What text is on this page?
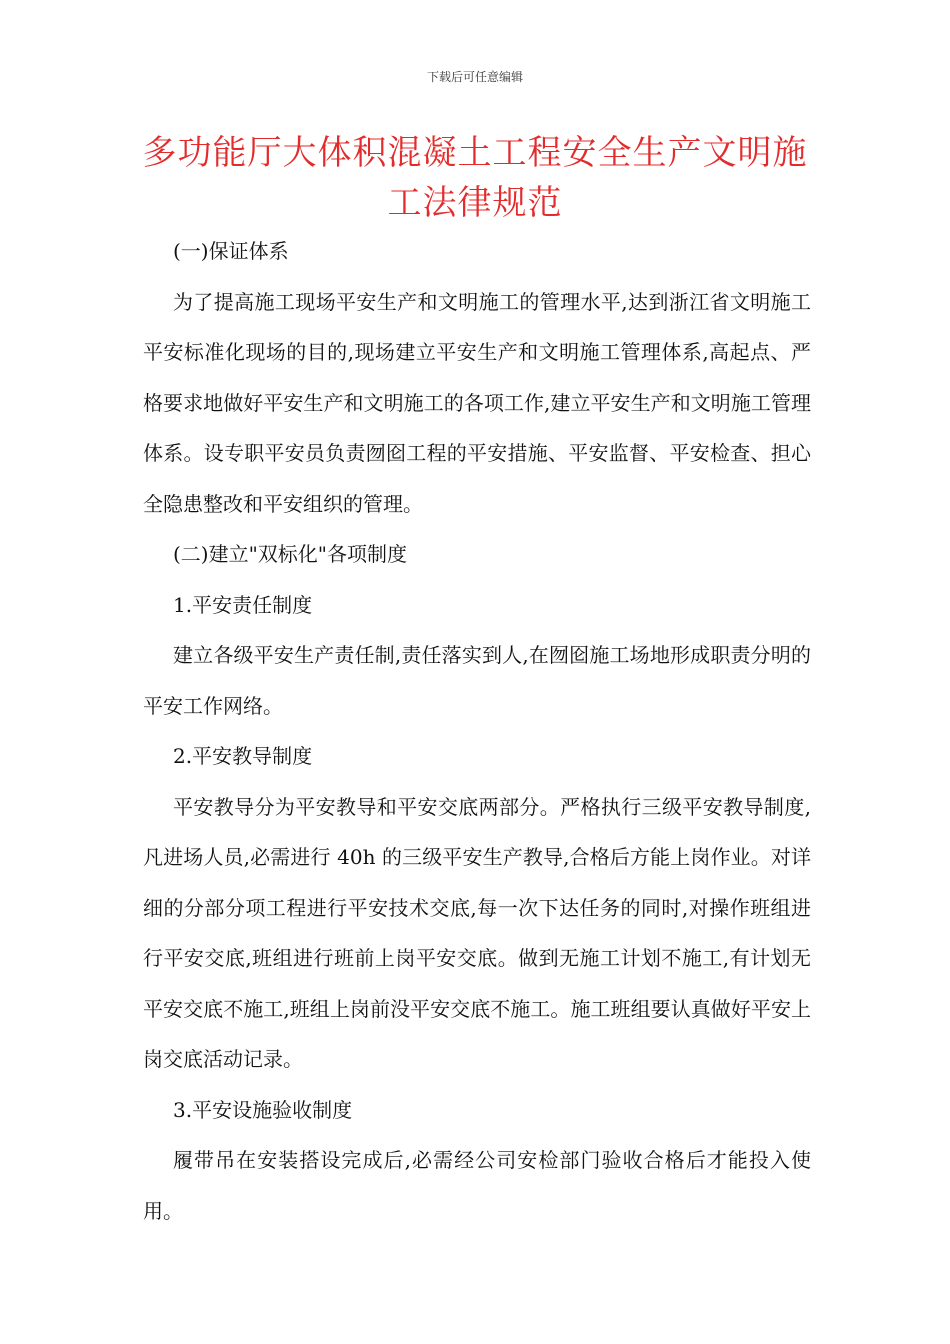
下载后可任意编辑
多功能厅大体积混凝土工程安全生产文明施工法律规范

(一)保证体系

为了提高施工现场平安生产和文明施工的管理水平,达到浙江省文明施工平安标准化现场的目的,现场建立平安生产和文明施工管理体系,高起点、严格要求地做好平安生产和文明施工的各项工作,建立平安生产和文明施工管理体系。设专职平安员负责囫囵工程的平安措施、平安监督、平安检查、担心全隐患整改和平安组织的管理。

(二)建立"双标化"各项制度

1.平安责任制度

建立各级平安生产责任制,责任落实到人,在囫囵施工场地形成职责分明的平安工作网络。

2.平安教导制度

平安教导分为平安教导和平安交底两部分。严格执行三级平安教导制度,凡进场人员,必需进行 40h 的三级平安生产教导,合格后方能上岗作业。对详细的分部分项工程进行平安技术交底,每一次下达任务的同时,对操作班组进行平安交底,班组进行班前上岗平安交底。做到无施工计划不施工,有计划无平安交底不施工,班组上岗前没平安交底不施工。施工班组要认真做好平安上岗交底活动记录。

3.平安设施验收制度

履带吊在安装搭设完成后,必需经公司安检部门验收合格后才能投入使用。
